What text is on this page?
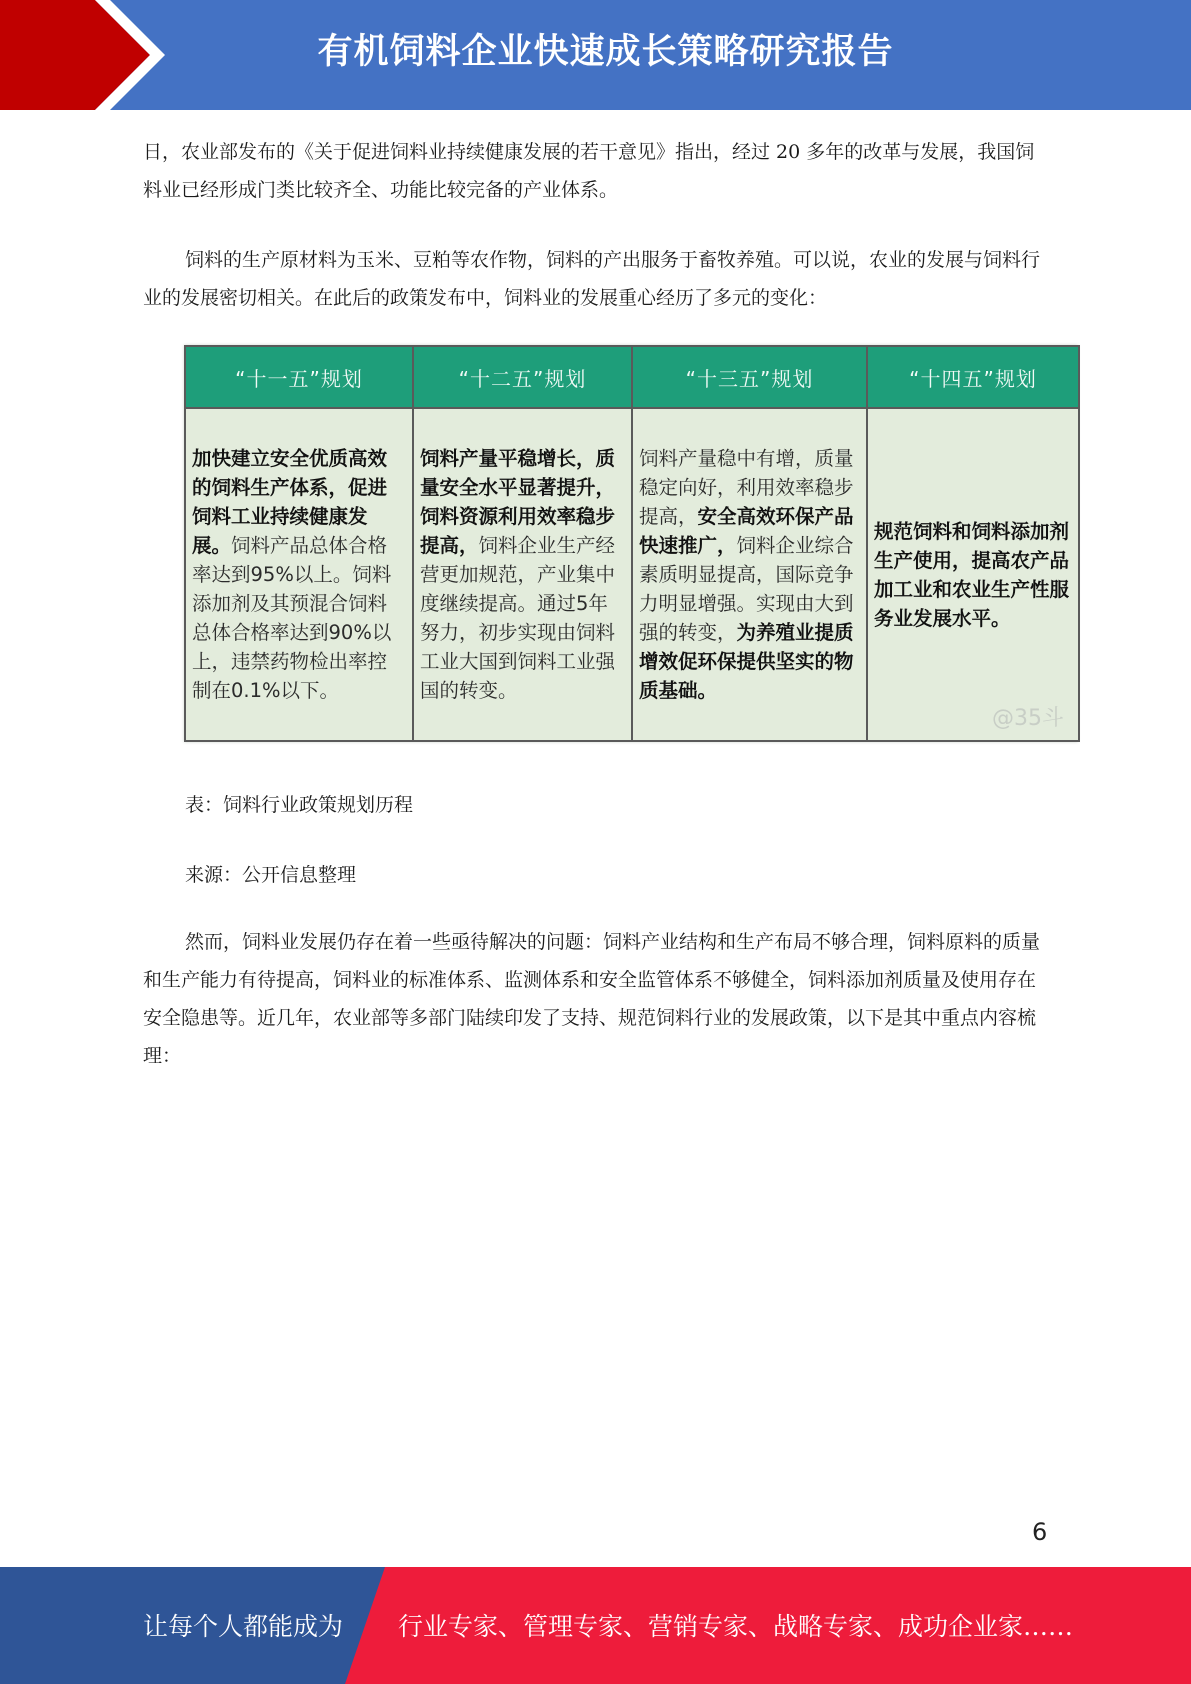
有机饲料企业快速成长策略研究报告

日，农业部发布的《关于促进饲料业持续健康发展的若干意见》指出，经过 20 多年的改革与发展，我国饲料业已经形成门类比较齐全、功能比较完备的产业体系。

饲料的生产原材料为玉米、豆粕等农作物，饲料的产出服务于畜牧养殖。可以说，农业的发展与饲料行业的发展密切相关。在此后的政策发布中，饲料业的发展重心经历了多元的变化：

“十一五”规划	“十二五”规划	“十三五”规划	“十四五”规划
加快建立安全优质高效的饲料生产体系，促进饲料工业持续健康发展。饲料产品总体合格率达到95%以上。饲料添加剂及其预混合饲料总体合格率达到90%以上，违禁药物检出率控制在0.1%以下。	饲料产量平稳增长，质量安全水平显著提升，饲料资源利用效率稳步提高，饲料企业生产经营更加规范，产业集中度继续提高。通过5年努力，初步实现由饲料工业大国到饲料工业强国的转变。	饲料产量稳中有增，质量稳定向好，利用效率稳步提高，安全高效环保产品快速推广，饲料企业综合素质明显提高，国际竞争力明显增强。实现由大到强的转变，为养殖业提质增效促环保提供坚实的物质基础。	规范饲料和饲料添加剂生产使用，提高农产品加工业和农业生产性服务业发展水平。
@35斗
表：饲料行业政策规划历程
来源：公开信息整理

然而，饲料业发展仍存在着一些亟待解决的问题：饲料产业结构和生产布局不够合理，饲料原料的质量和生产能力有待提高，饲料业的标准体系、监测体系和安全监管体系不够健全，饲料添加剂质量及使用存在安全隐患等。近几年，农业部等多部门陆续印发了支持、规范饲料行业的发展政策，以下是其中重点内容梳理：

6
让每个人都能成为 行业专家、管理专家、营销专家、战略专家、成功企业家……
